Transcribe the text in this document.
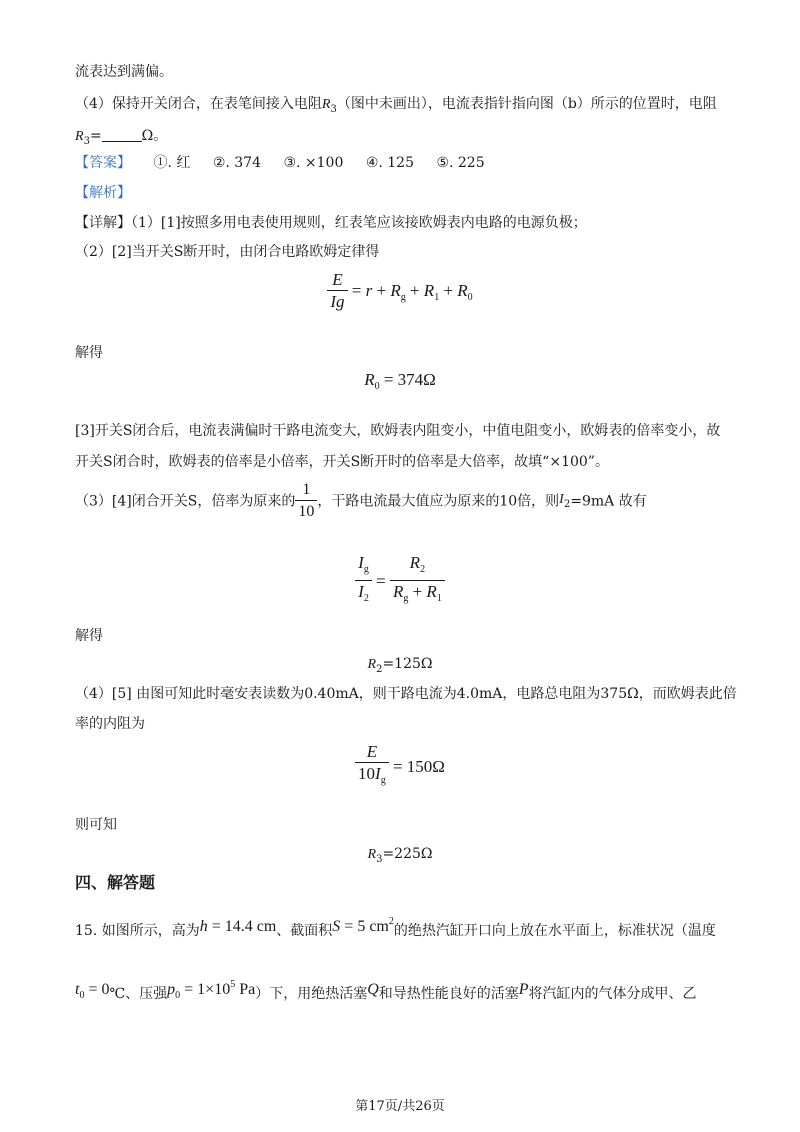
流表达到满偏。
（4）保持开关闭合，在表笔间接入电阻$R_3$（图中未画出），电流表指针指向图（b）所示的位置时，电阻
$R_3=$	Ω。
【答案】 ①. 红 ②. 374 ③. ×100 ④. 125 ⑤. 225
【解析】
【详解】（1）[1]按照多用电表使用规则，红表笔应该接欧姆表内电路的电源负极；
（2）[2]当开关S断开时，由闭合电路欧姆定律得
$\frac{E}{Ig} = r + R_g + R_1 + R_0$
解得
$R_0 = 374\Omega$
[3]开关S闭合后，电流表满偏时干路电流变大，欧姆表内阻变小，中值电阻变小，欧姆表的倍率变小，故
开关S闭合时，欧姆表的倍率是小倍率，开关S断开时的倍率是大倍率，故填“×100”。
（3）[4]闭合开关S，倍率为原来的 $\frac{1}{10}$ ，干路电流最大值应为原来的10倍，则$I_2=9mA$ 故有
$\frac{I_g}{I_2} = \frac{R_2}{R_g + R_1}$
解得
$R_2=125\Omega$
（4）[5] 由图可知此时毫安表读数为0.40mA，则干路电流为4.0mA，电路总电阻为375Ω，而欧姆表此倍
率的内阻为
$\frac{E}{10I_g} = 150\Omega$
则可知
$R_3=225\Omega$
四、解答题
15. 如图所示，高为h = 14.4 cm、截面积S = 5 $cm^2$的绝热汽缸开口向上放在水平面上，标准状况（温度
$t_0$ = 0℃、压强$p_0 = 1\times 10^5$ Pa）下，用绝热活塞Q和导热性能良好的活塞P将汽缸内的气体分成甲、乙
第17页/共26页
